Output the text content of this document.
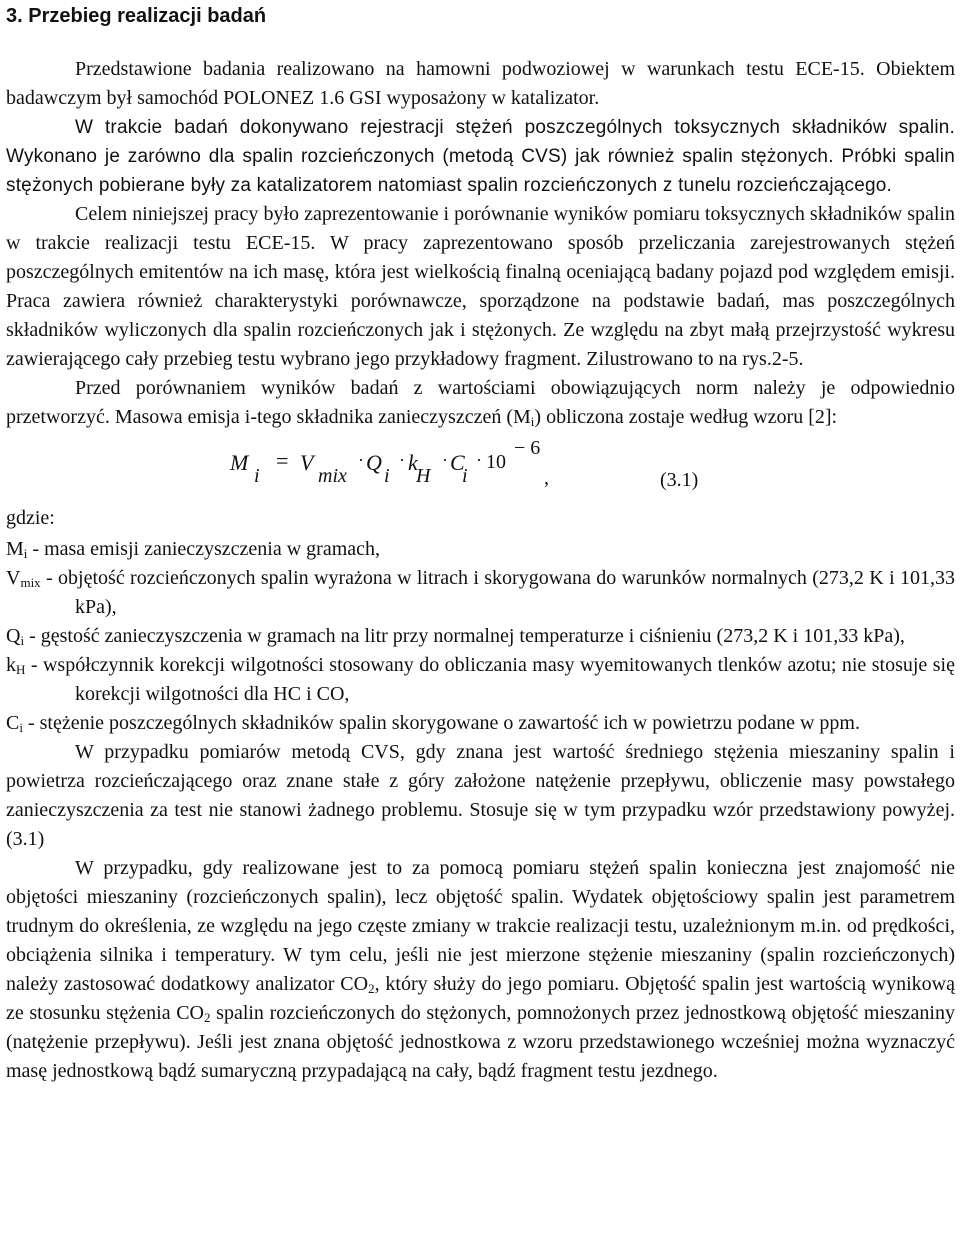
3. Przebieg realizacji badań

Przedstawione badania realizowano na hamowni podwoziowej w warunkach testu ECE-15. Obiektem badawczym był samochód POLONEZ 1.6 GSI wyposażony w katalizator.

W trakcie badań dokonywano rejestracji stężeń poszczególnych toksycznych składników spalin. Wykonano je zarówno dla spalin rozcieńczonych (metodą CVS) jak również spalin stężonych. Próbki spalin stężonych pobierane były za katalizatorem natomiast spalin rozcieńczonych z tunelu rozcieńczającego.

Celem niniejszej pracy było zaprezentowanie i porównanie wyników pomiaru toksycznych składników spalin w trakcie realizacji testu ECE-15. W pracy zaprezentowano sposób przeliczania zarejestrowanych stężeń poszczególnych emitentów na ich masę, która jest wielkością finalną oceniającą badany pojazd pod względem emisji. Praca zawiera również charakterystyki porównawcze, sporządzone na podstawie badań, mas poszczególnych składników wyliczonych dla spalin rozcieńczonych jak i stężonych. Ze względu na zbyt małą przejrzystość wykresu zawierającego cały przebieg testu wybrano jego przykładowy fragment. Zilustrowano to na rys.2-5.

Przed porównaniem wyników badań z wartościami obowiązujących norm należy je odpowiednio przetworzyć. Masowa emisja i-tego składnika zanieczyszczeń $(M_i)$ obliczona zostaje według wzoru [2]:

M
i
= V
mix
· Q
i
· k
H
· C
i
· 10
− 6
,	(3.1)

gdzie:

$M_i$ - masa emisji zanieczyszczenia w gramach,

$V_{mix}$ - objętość rozcieńczonych spalin wyrażona w litrach i skorygowana do warunków normalnych (273,2 K i 101,33 kPa),

$Q_i$ - gęstość zanieczyszczenia w gramach na litr przy normalnej temperaturze i ciśnieniu (273,2 K i 101,33 kPa),

$k_H$ - współczynnik korekcji wilgotności stosowany do obliczania masy wyemitowanych tlenków azotu; nie stosuje się korekcji wilgotności dla HC i CO,

$C_i$ - stężenie poszczególnych składników spalin skorygowane o zawartość ich w powietrzu podane w ppm.

W przypadku pomiarów metodą CVS, gdy znana jest wartość średniego stężenia mieszaniny spalin i powietrza rozcieńczającego oraz znane stałe z góry założone natężenie przepływu, obliczenie masy powstałego zanieczyszczenia za test nie stanowi żadnego problemu. Stosuje się w tym przypadku wzór przedstawiony powyżej. (3.1)

W przypadku, gdy realizowane jest to za pomocą pomiaru stężeń spalin konieczna jest znajomość nie objętości mieszaniny (rozcieńczonych spalin), lecz objętość spalin. Wydatek objętościowy spalin jest parametrem trudnym do określenia, ze względu na jego częste zmiany w trakcie realizacji testu, uzależnionym m.in. od prędkości, obciążenia silnika i temperatury. W tym celu, jeśli nie jest mierzone stężenie mieszaniny (spalin rozcieńczonych) należy zastosować dodatkowy analizator $CO_2$, który służy do jego pomiaru. Objętość spalin jest wartością wynikową ze stosunku stężenia $CO_2$ spalin rozcieńczonych do stężonych, pomnożonych przez jednostkową objętość mieszaniny (natężenie przepływu). Jeśli jest znana objętość jednostkowa z wzoru przedstawionego wcześniej można wyznaczyć masę jednostkową bądź sumaryczną przypadającą na cały, bądź fragment testu jezdnego.
